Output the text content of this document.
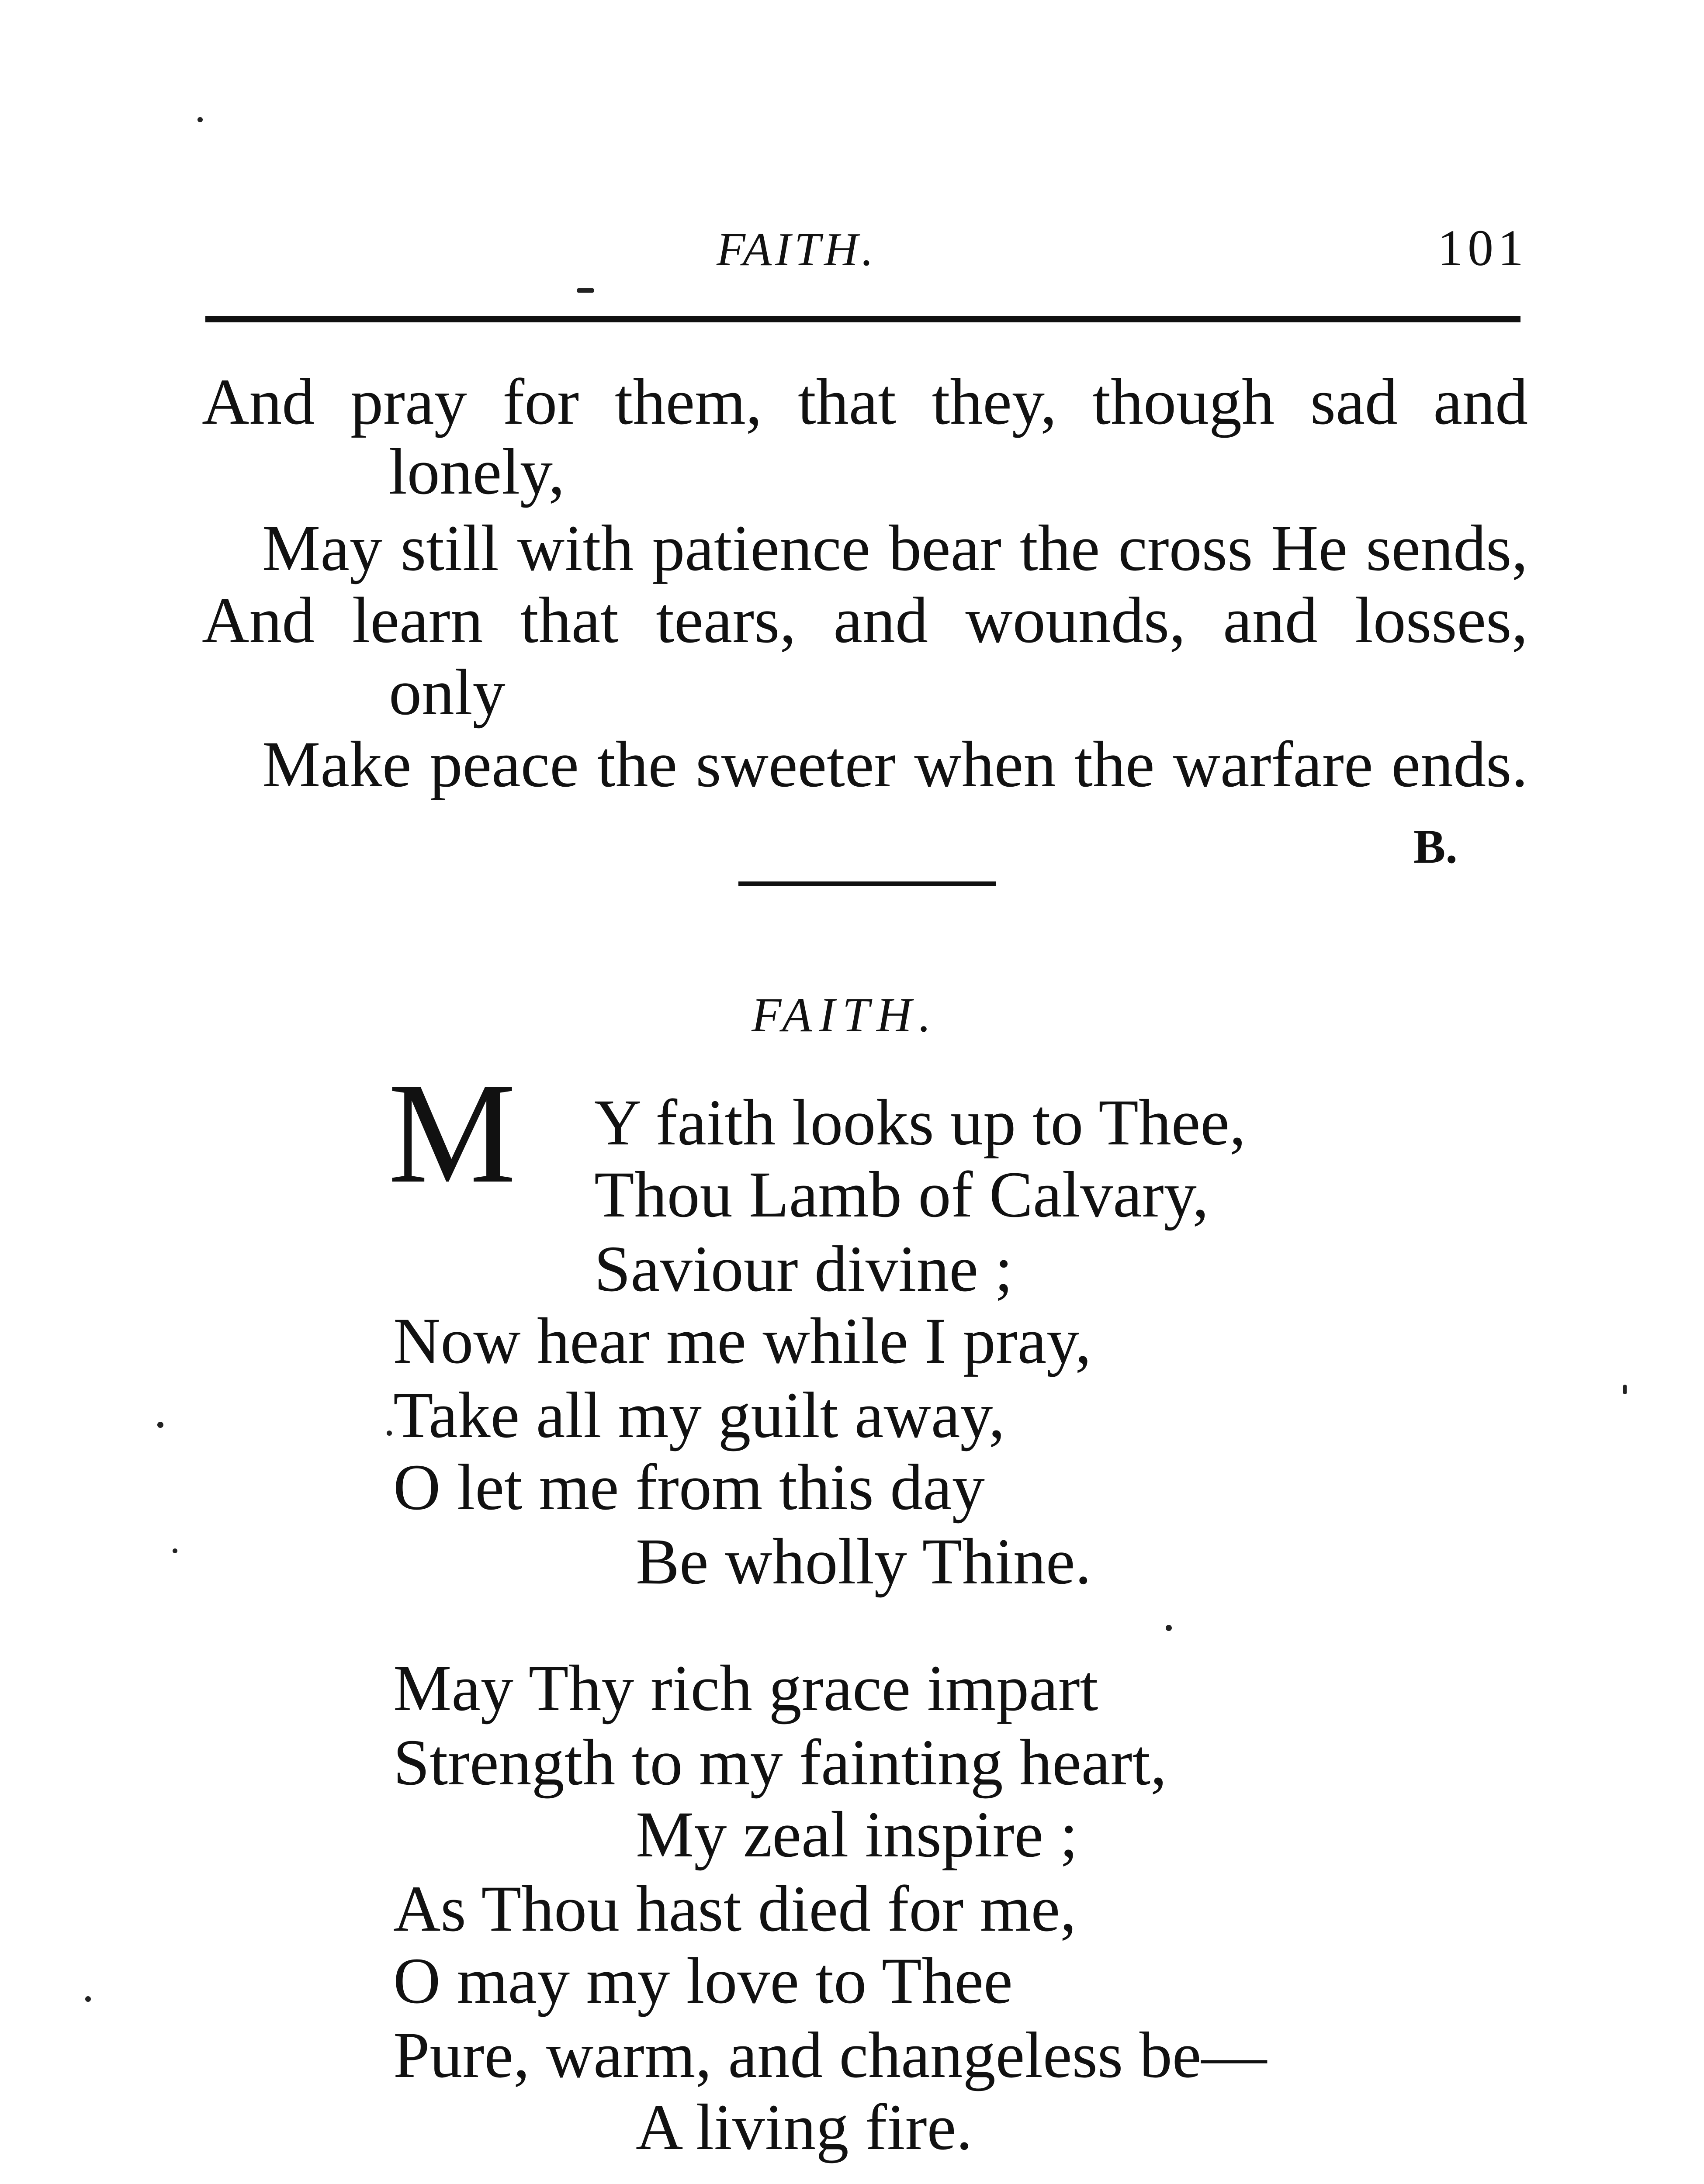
FAITH.	101
And pray for them, that they, though sad and
lonely,
May still with patience bear the cross He sends,
And learn that tears, and wounds, and losses,
only
Make peace the sweeter when the warfare ends.
B.
FAITH.
M Y faith looks up to Thee,
Thou Lamb of Calvary,
Saviour divine ;
Now hear me while I pray,
Take all my guilt away,
O let me from this day
Be wholly Thine.
May Thy rich grace impart
Strength to my fainting heart,
My zeal inspire ;
As Thou hast died for me,
O may my love to Thee
Pure, warm, and changeless be—
A living fire.
